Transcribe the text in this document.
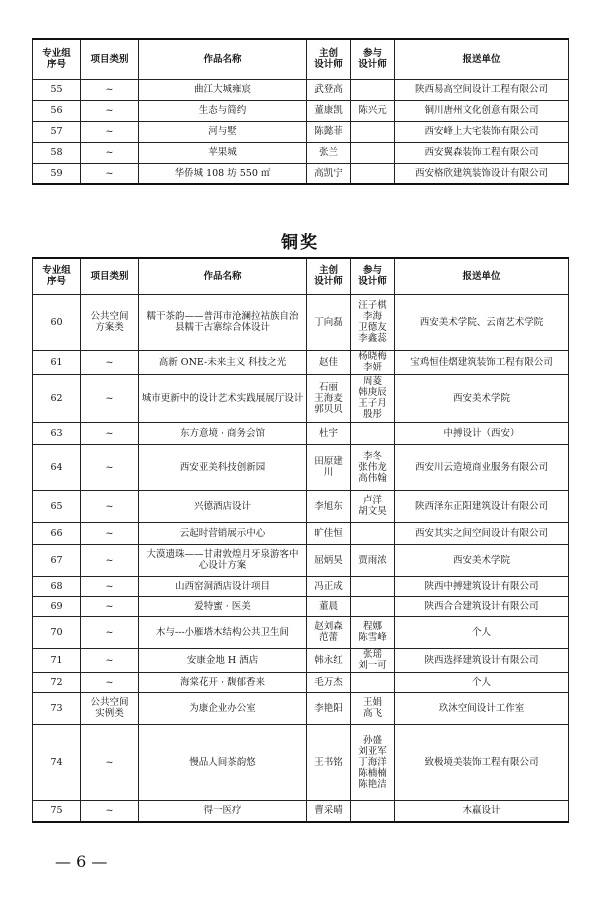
专业组
序号	项目类别	作品名称	主创
设计师	参与
设计师	报送单位
55	~	曲江大城雍宸	武登高		陕西易高空间设计工程有限公司
56	~	生态与简约	董康凯	陈兴元	铜川唐州文化创意有限公司
57	~	河与墅	陈懿菲		西安峰上大宅装饰有限公司
58	~	苹果城	张兰		西安翼森装饰工程有限公司
59	~	华侨城 108 坊 550 ㎡	高凯宁		西安格欣建筑装饰设计有限公司
铜奖
专业组
序号	项目类别	作品名称	主创
设计师	参与
设计师	报送单位
60	公共空间
方案类	糯干茶韵——普洱市沧澜拉祜族自治
县糯干古寨综合体设计	丁向磊	汪子棋
李海
卫德友
李鑫蕊	西安美术学院、云南艺术学院
61	~	高新 ONE-未来主义 科技之光	赵佳	杨晓梅
李妍	宝鸡恒佳熠建筑装饰工程有限公司
62	~	城市更新中的设计艺术实践展展厅设计	石丽
王海麦
郭贝贝	周菱
韩庚辰
王子月
殷彤	西安美术学院
63	~	东方意境 · 商务会馆	杜宇		中搏设计（西安）
64	~	西安亚美科技创新园	田原建
川	李冬
张伟龙
高伟翰	西安川云造境商业服务有限公司
65	~	兴德酒店设计	李旭东	卢洋
胡文昊	陕西泽东正阳建筑设计有限公司
66	~	云起时营销展示中心	旷佳恒		西安其实之间空间设计有限公司
67	~	大漠遗珠——甘肃敦煌月牙泉游客中
心设计方案	屈炳昊	贾雨浓	西安美术学院
68	~	山西窑洞酒店设计项目	冯正成		陕西中搏建筑设计有限公司
69	~	爱特蜜 · 医美	董晨		陕西合合建筑设计有限公司
70	~	木与---小雁塔木结构公共卫生间	赵刘森
范蕾	程娜
陈雪峰	个人
71	~	安康金地 H 酒店	韩永红	张瑶
刘一可	陕西选择建筑设计有限公司
72	~	海棠花开 · 馥郁香来	毛万杰		个人
73	公共空间
实例类	为康企业办公室	李艳阳	王娟
高飞	玖沐空间设计工作室
74	~	慢品人间茶韵悠	王书铭	孙盛
刘亚军
丁海洋
陈楠楠
陈艳洁	致极境美装饰工程有限公司
75	~	得一医疗	曹采晴		木羸设计
— 6 —
